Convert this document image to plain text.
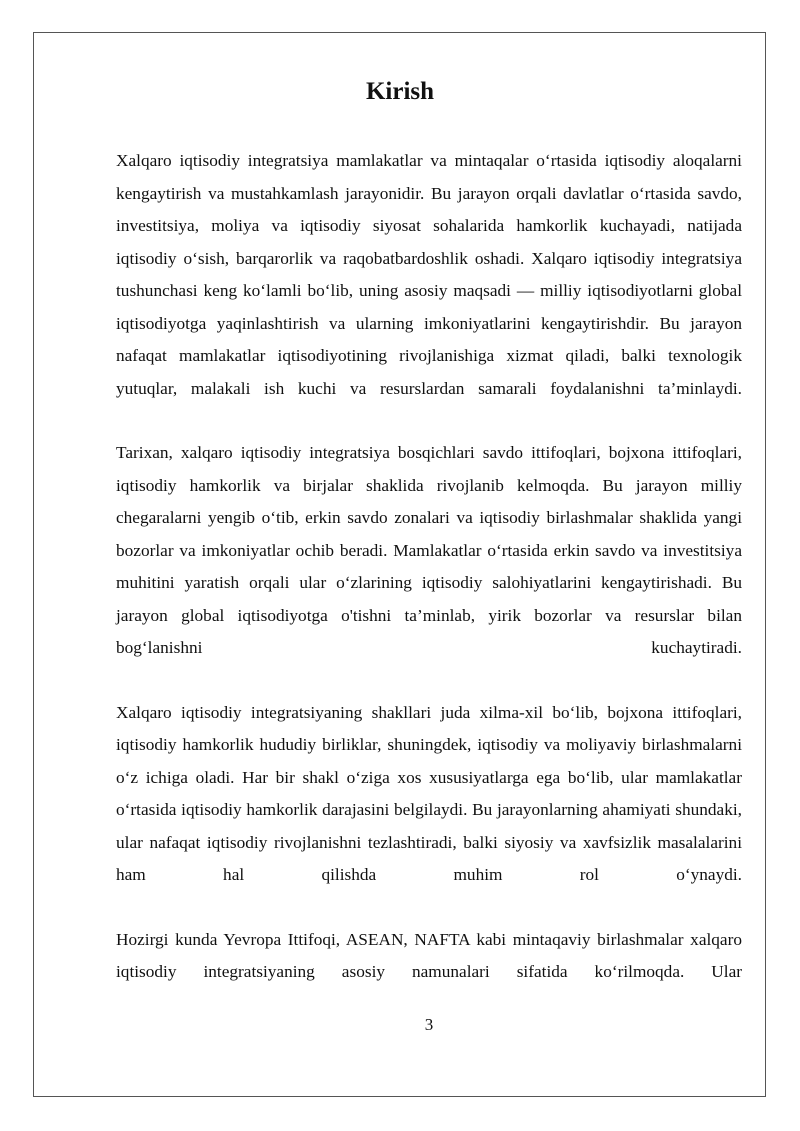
Kirish

Xalqaro iqtisodiy integratsiya mamlakatlar va mintaqalar o‘rtasida iqtisodiy aloqalarni kengaytirish va mustahkamlash jarayonidir. Bu jarayon orqali davlatlar o‘rtasida savdo, investitsiya, moliya va iqtisodiy siyosat sohalarida hamkorlik kuchayadi, natijada iqtisodiy o‘sish, barqarorlik va raqobatbardoshlik oshadi. Xalqaro iqtisodiy integratsiya tushunchasi keng ko‘lamli bo‘lib, uning asosiy maqsadi — milliy iqtisodiyotlarni global iqtisodiyotga yaqinlashtirish va ularning imkoniyatlarini kengaytirishdir. Bu jarayon nafaqat mamlakatlar iqtisodiyotining rivojlanishiga xizmat qiladi, balki texnologik yutuqlar, malakali ish kuchi va resurslardan samarali foydalanishni ta’minlaydi.

Tarixan, xalqaro iqtisodiy integratsiya bosqichlari savdo ittifoqlari, bojxona ittifoqlari, iqtisodiy hamkorlik va birjalar shaklida rivojlanib kelmoqda. Bu jarayon milliy chegaralarni yengib o‘tib, erkin savdo zonalari va iqtisodiy birlashmalar shaklida yangi bozorlar va imkoniyatlar ochib beradi. Mamlakatlar o‘rtasida erkin savdo va investitsiya muhitini yaratish orqali ular o‘zlarining iqtisodiy salohiyatlarini kengaytirishadi. Bu jarayon global iqtisodiyotga o'tishni ta’minlab, yirik bozorlar va resurslar bilan bog‘lanishni kuchaytiradi.

Xalqaro iqtisodiy integratsiyaning shakllari juda xilma-xil bo‘lib, bojxona ittifoqlari, iqtisodiy hamkorlik hududiy birliklar, shuningdek, iqtisodiy va moliyaviy birlashmalarni o‘z ichiga oladi. Har bir shakl o‘ziga xos xususiyatlarga ega bo‘lib, ular mamlakatlar o‘rtasida iqtisodiy hamkorlik darajasini belgilaydi. Bu jarayonlarning ahamiyati shundaki, ular nafaqat iqtisodiy rivojlanishni tezlashtiradi, balki siyosiy va xavfsizlik masalalarini ham hal qilishda muhim rol o‘ynaydi.

Hozirgi kunda Yevropa Ittifoqi, ASEAN, NAFTA kabi mintaqaviy birlashmalar xalqaro iqtisodiy integratsiyaning asosiy namunalari sifatida ko‘rilmoqda. Ular

3
